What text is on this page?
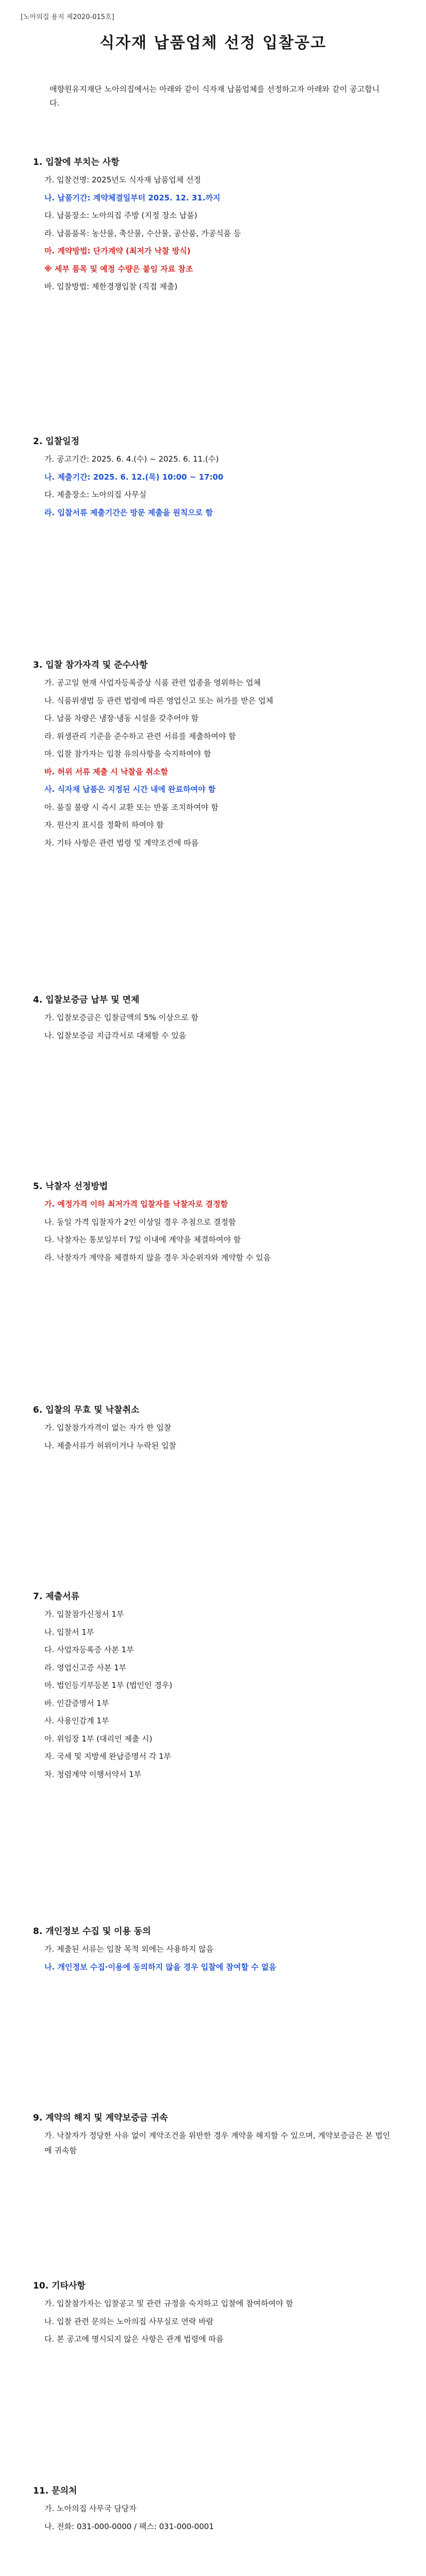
[노아의집 용지 제2020-015호]
식자재 납품업체 선정 입찰공고
애향원유지재단 노아의집에서는 아래와 같이 식자재 납품업체를 선정하고자 아래와 같이 공고합니다.
1. 입찰에 부치는 사항
가. 입찰건명: 2025년도 식자재 납품업체 선정
나. 납품기간: 계약체결일부터 2025. 12. 31.까지
다. 납품장소: 노아의집 주방 (지정 장소 납품)
라. 납품품목: 농산물, 축산물, 수산물, 공산품, 가공식품 등
마. 계약방법: 단가계약 (최저가 낙찰 방식)
※ 세부 품목 및 예정 수량은 붙임 자료 참조
바. 입찰방법: 제한경쟁입찰 (직접 제출)
2. 입찰일정
가. 공고기간: 2025. 6. 4.(수) ~ 2025. 6. 11.(수)
나. 제출기간: 2025. 6. 12.(목) 10:00 ~ 17:00
다. 제출장소: 노아의집 사무실
라. 입찰서류 제출기간은 방문 제출을 원칙으로 함
3. 입찰 참가자격 및 준수사항
가. 공고일 현재 사업자등록증상 식품 관련 업종을 영위하는 업체
나. 식품위생법 등 관련 법령에 따른 영업신고 또는 허가를 받은 업체
다. 납품 차량은 냉장·냉동 시설을 갖추어야 함
라. 위생관리 기준을 준수하고 관련 서류를 제출하여야 함
마. 입찰 참가자는 입찰 유의사항을 숙지하여야 함
바. 허위 서류 제출 시 낙찰을 취소함
사. 식자재 납품은 지정된 시간 내에 완료하여야 함
아. 품질 불량 시 즉시 교환 또는 반품 조치하여야 함
자. 원산지 표시를 정확히 하여야 함
차. 기타 사항은 관련 법령 및 계약조건에 따름
4. 입찰보증금 납부 및 면제
가. 입찰보증금은 입찰금액의 5% 이상으로 함
나. 입찰보증금 지급각서로 대체할 수 있음
5. 낙찰자 선정방법
가. 예정가격 이하 최저가격 입찰자를 낙찰자로 결정함
나. 동일 가격 입찰자가 2인 이상일 경우 추첨으로 결정함
다. 낙찰자는 통보일부터 7일 이내에 계약을 체결하여야 함
라. 낙찰자가 계약을 체결하지 않을 경우 차순위자와 계약할 수 있음
6. 입찰의 무효 및 낙찰취소
가. 입찰참가자격이 없는 자가 한 입찰
나. 제출서류가 허위이거나 누락된 입찰
7. 제출서류
가. 입찰참가신청서 1부
나. 입찰서 1부
다. 사업자등록증 사본 1부
라. 영업신고증 사본 1부
마. 법인등기부등본 1부 (법인인 경우)
바. 인감증명서 1부
사. 사용인감계 1부
아. 위임장 1부 (대리인 제출 시)
자. 국세 및 지방세 완납증명서 각 1부
차. 청렴계약 이행서약서 1부
8. 개인정보 수집 및 이용 동의
가. 제출된 서류는 입찰 목적 외에는 사용하지 않음
나. 개인정보 수집·이용에 동의하지 않을 경우 입찰에 참여할 수 없음
9. 계약의 해지 및 계약보증금 귀속
가. 낙찰자가 정당한 사유 없이 계약조건을 위반한 경우 계약을 해지할 수 있으며, 계약보증금은 본 법인에 귀속함
10. 기타사항
가. 입찰참가자는 입찰공고 및 관련 규정을 숙지하고 입찰에 참여하여야 함
나. 입찰 관련 문의는 노아의집 사무실로 연락 바람
다. 본 공고에 명시되지 않은 사항은 관계 법령에 따름
11. 문의처
가. 노아의집 사무국 담당자
나. 전화: 031-000-0000 / 팩스: 031-000-0001
